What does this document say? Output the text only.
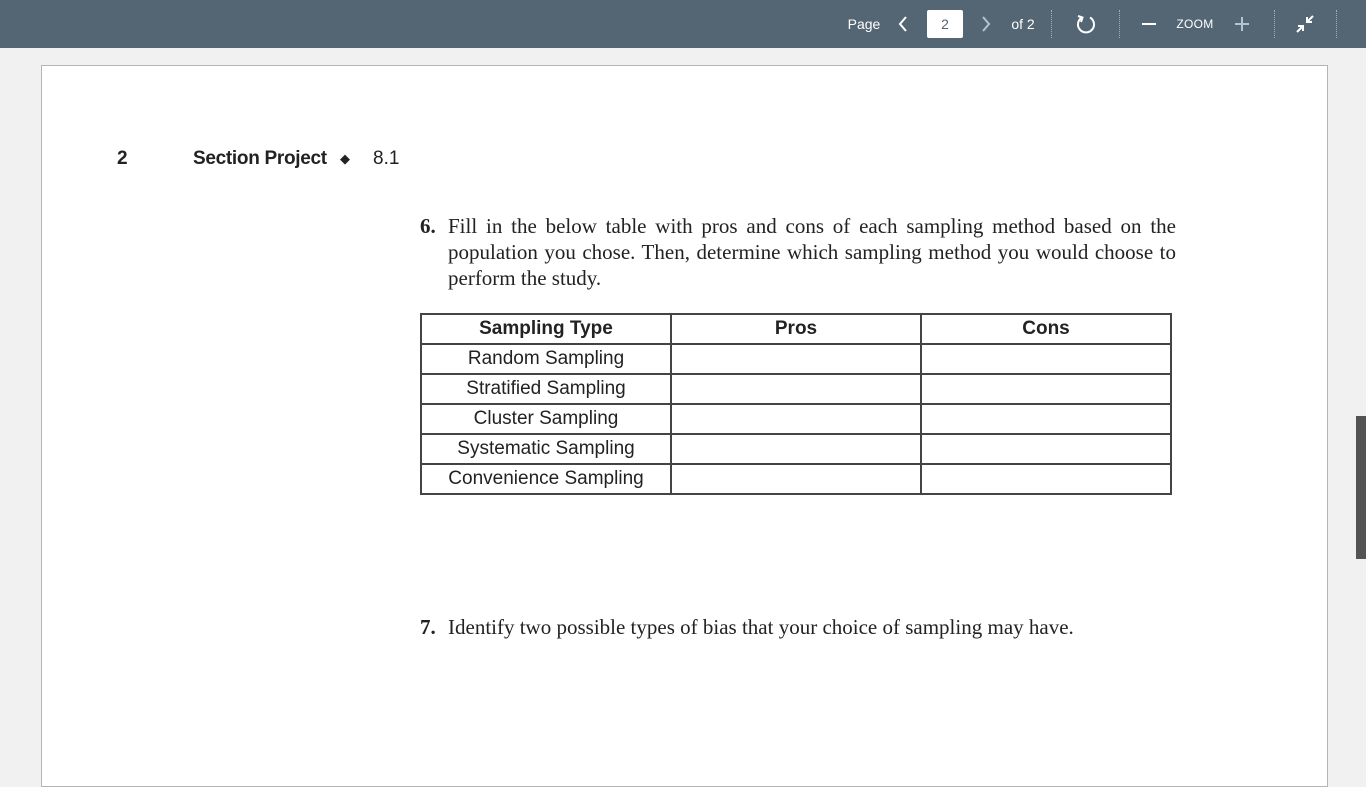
Page
2	of 2	ZOOM
2	Section Project ◆ 8.1
6. Fill in the below table with pros and cons of each sampling method based on the population you chose. Then, determine which sampling method you would choose to perform the study.
Sampling Type	Pros	Cons
Random Sampling		
Stratified Sampling		
Cluster Sampling		
Systematic Sampling		
Convenience Sampling		
7. Identify two possible types of bias that your choice of sampling may have.
